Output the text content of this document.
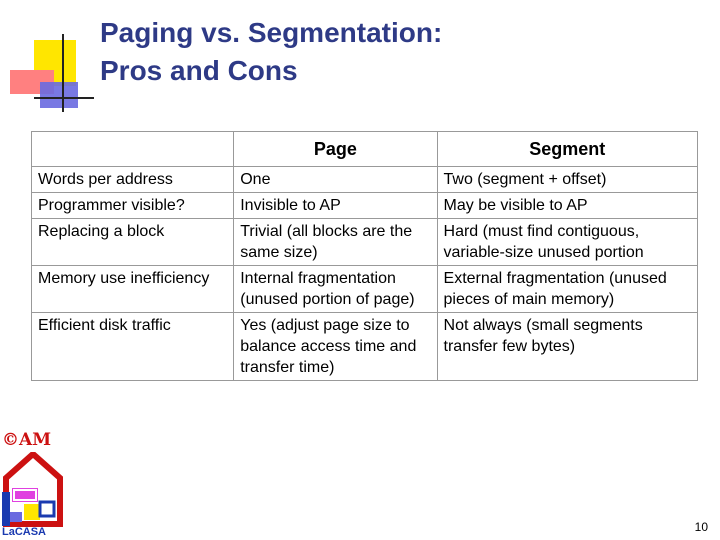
Paging vs. Segmentation:
Pros and Cons
	Page	Segment
Words per address	One	Two (segment + offset)
Programmer visible?	Invisible to AP	May be visible to AP
Replacing a block	Trivial (all blocks are the same size)	Hard (must find contiguous, variable-size unused portion
Memory use inefficiency	Internal fragmentation (unused portion of page)	External fragmentation (unused pieces of main memory)
Efficient disk traffic	Yes (adjust page size to balance access time and transfer time)	Not always (small segments transfer few bytes)
©AM
LaCASA	10
